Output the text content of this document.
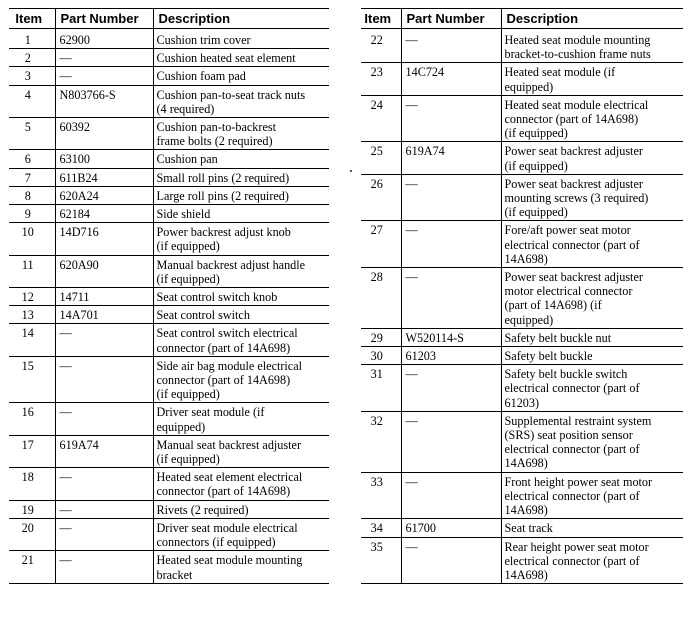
Item	Part Number	Description
1	62900	Cushion trim cover
2	—	Cushion heated seat element
3	—	Cushion foam pad
4	N803766-S	Cushion pan-to-seat track nuts
(4 required)
5	60392	Cushion pan-to-backrest
frame bolts (2 required)
6	63100	Cushion pan
7	611B24	Small roll pins (2 required)
8	620A24	Large roll pins (2 required)
9	62184	Side shield
10	14D716	Power backrest adjust knob
(if equipped)
11	620A90	Manual backrest adjust handle
(if equipped)
12	14711	Seat control switch knob
13	14A701	Seat control switch
14	—	Seat control switch electrical
connector (part of 14A698)
15	—	Side air bag module electrical
connector (part of 14A698)
(if equipped)
16	—	Driver seat module (if
equipped)
17	619A74	Manual seat backrest adjuster
(if equipped)
18	—	Heated seat element electrical
connector (part of 14A698)
19	—	Rivets (2 required)
20	—	Driver seat module electrical
connectors (if equipped)
21	—	Heated seat module mounting
bracket
Item	Part Number	Description
22	—	Heated seat module mounting
bracket-to-cushion frame nuts
23	14C724	Heated seat module (if
equipped)
24	—	Heated seat module electrical
connector (part of 14A698)
(if equipped)
25	619A74	Power seat backrest adjuster
(if equipped)
26	—	Power seat backrest adjuster
mounting screws (3 required)
(if equipped)
27	—	Fore/aft power seat motor
electrical connector (part of
14A698)
28	—	Power seat backrest adjuster
motor electrical connector
(part of 14A698) (if
equipped)
29	W520114-S	Safety belt buckle nut
30	61203	Safety belt buckle
31	—	Safety belt buckle switch
electrical connector (part of
61203)
32	—	Supplemental restraint system
(SRS) seat position sensor
electrical connector (part of
14A698)
33	—	Front height power seat motor
electrical connector (part of
14A698)
34	61700	Seat track
35	—	Rear height power seat motor
electrical connector (part of
14A698)
